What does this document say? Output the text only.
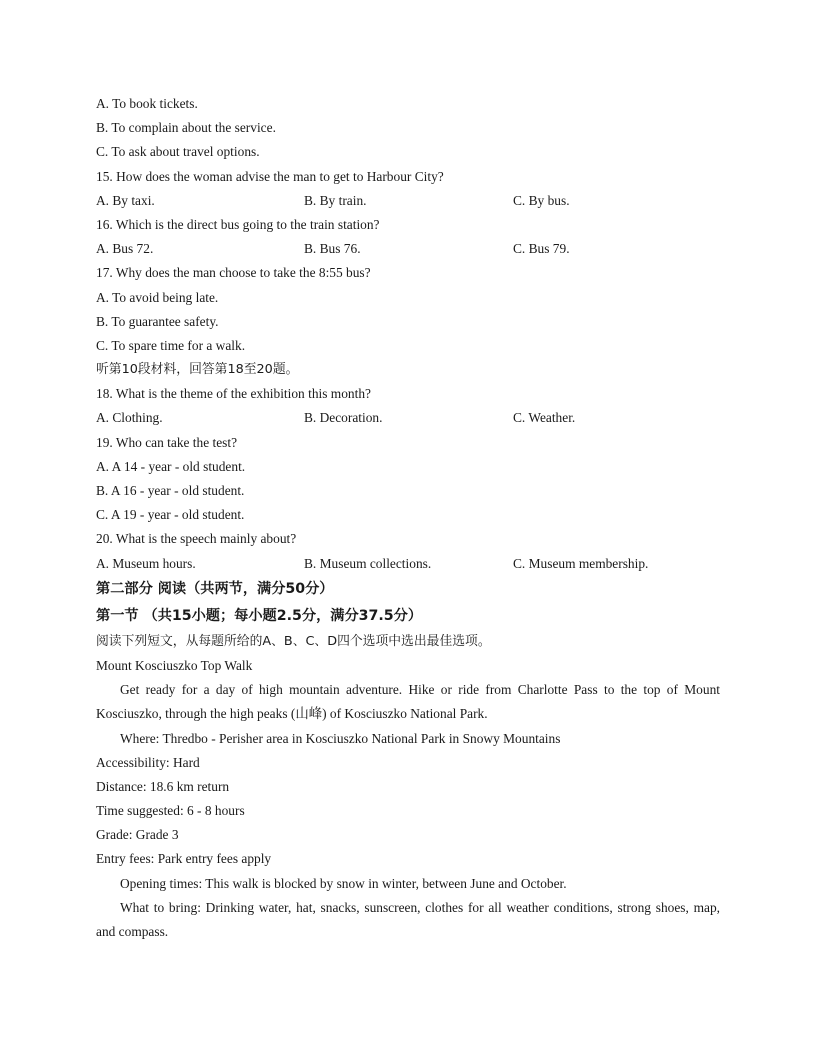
A. To book tickets.
B. To complain about the service.
C. To ask about travel options.
15. How does the woman advise the man to get to Harbour City?
A. By taxi.	B. By train.	C. By bus.
16. Which is the direct bus going to the train station?
A. Bus 72.	B. Bus 76.	C. Bus 79.
17. Why does the man choose to take the 8:55 bus?
A. To avoid being late.
B. To guarantee safety.
C. To spare time for a walk.
听第10段材料，回答第18至20题。
18. What is the theme of the exhibition this month?
A. Clothing.	B. Decoration.	C. Weather.
19. Who can take the test?
A. A 14 - year - old student.
B. A 16 - year - old student.
C. A 19 - year - old student.
20. What is the speech mainly about?
A. Museum hours.	B. Museum collections.	C. Museum membership.
第二部分 阅读（共两节，满分50分）
第一节 （共15小题；每小题2.5分，满分37.5分）
阅读下列短文，从每题所给的A、B、C、D四个选项中选出最佳选项。
Mount Kosciuszko Top Walk
Get ready for a day of high mountain adventure. Hike or ride from Charlotte Pass to the top of Mount Kosciuszko, through the high peaks (山峰) of Kosciuszko National Park.
Where: Thredbo - Perisher area in Kosciuszko National Park in Snowy Mountains
Accessibility: Hard
Distance: 18.6 km return
Time suggested: 6 - 8 hours
Grade: Grade 3
Entry fees: Park entry fees apply
Opening times: This walk is blocked by snow in winter, between June and October.
What to bring: Drinking water, hat, snacks, sunscreen, clothes for all weather conditions, strong shoes, map, and compass.
